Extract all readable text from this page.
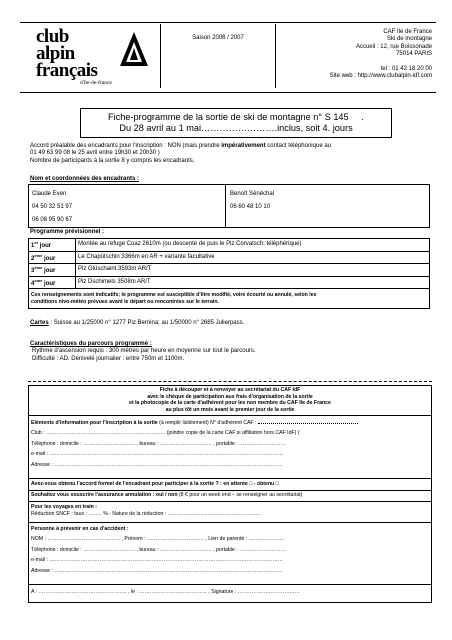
club
alpin
français
d'île-de-france
Saison 2006 / 2007
CAF Ile de France
Ski de montagne
Accueil : 12, rue Boissonade
75014 PARIS
tel : 01 42 18 20 00
Site web : http://www.clubalpin-idf.com
Fiche-programme de la sortie de ski de montagne n° S 145 .
Du 28 avril au 1 mai…………………….inclus, soit 4. jours
Accord préalable des encadrants pour l'inscription : NON (mais prendre impérativement contact téléphonique au
01 49 63 99 08 le 25 avril entre 19h30 et 20h30 )
Nombre de participants à la sortie 8 y compris les encadrants.
Nom et coordonnées des encadrants :
Claude Even
04 50 32 51 97
06 08 95 90 67
Benoît Sénéchal
06 60 48 10 10
Programme prévisionnel :
1er jour	Montée au refuge Coaz 2610m (ou descente de puis le Piz Corvatsch; téléphérique)
2ème jour	Le Chapütschin 3366m en AR + variante facultative
3ème jour	Piz Glüschaint 3593m AR/T
4ème jour	Piz Dschimels 3508m AR/T

Ces renseignements sont indicatifs; le programme est susceptible d'être modifié, voire écourté ou annulé, selon les
conditions nivo-météo prévues avant le départ ou rencontrées sur le terrain.	
Cartes : Suisse au 1/25000 n° 1277 Piz Bernina; au 1/50000 n° 2685 Julierpass.
Caractéristiques du parcours programmé :
Rythme d'ascension requis : 300 mètres par heure en moyenne sur tout le parcours.
Difficulté : AD. Dénivelé journalier : entre 750m et 1100m.
Fiche à découper et à renvoyer au secrétariat du CAF IdF
avec le chèque de participation aux frais d'organisation de la sortie
et la photocopie de la carte d'adhérent pour les non membre du CAF Ile de France
au plus tôt un mois avant le premier jour de la sortie
Eléments d'information pour l'inscription à la sortie (à remplir lisiblement) N° d'adhérent CAF :
Club : …………………………………………………………… (joindre copie de la carte CAF si affiliation hors CAF IdF) (
Téléphone : domicile : ………………………… , bureau : ………………………… , portable : ………………………
e-mail : ………………………………………………………………………………………………………………………
Adresse : ……………………………………………………………………………………………………………………
Avez-vous obtenu l'accord formel de l'encadrant pour participer à la sortie ? : en attente □ - obtenu □
Souhaitez vous souscrire l'assurance annulation : oui / non (8 € pour un week end – se renseigner au secrétariat)
Pour les voyages en train :
Réduction SNCF : taux : …….. % - Nature de la réduction : ………………………………………………
Personne à prévenir en cas d'accident :
NOM : …………………………………… , Prénom : …………………………… , Lien de parenté : …………………
Téléphone : domicile : ………………………… , bureau : ………………………… , portable : ………………………
e-mail : ………………………………………………………………………………………………………………………
Adresse : ……………………………………………………………………………………………………………………
A : …………………………………………… , le : ………………………………… , Signature : ………………………………
